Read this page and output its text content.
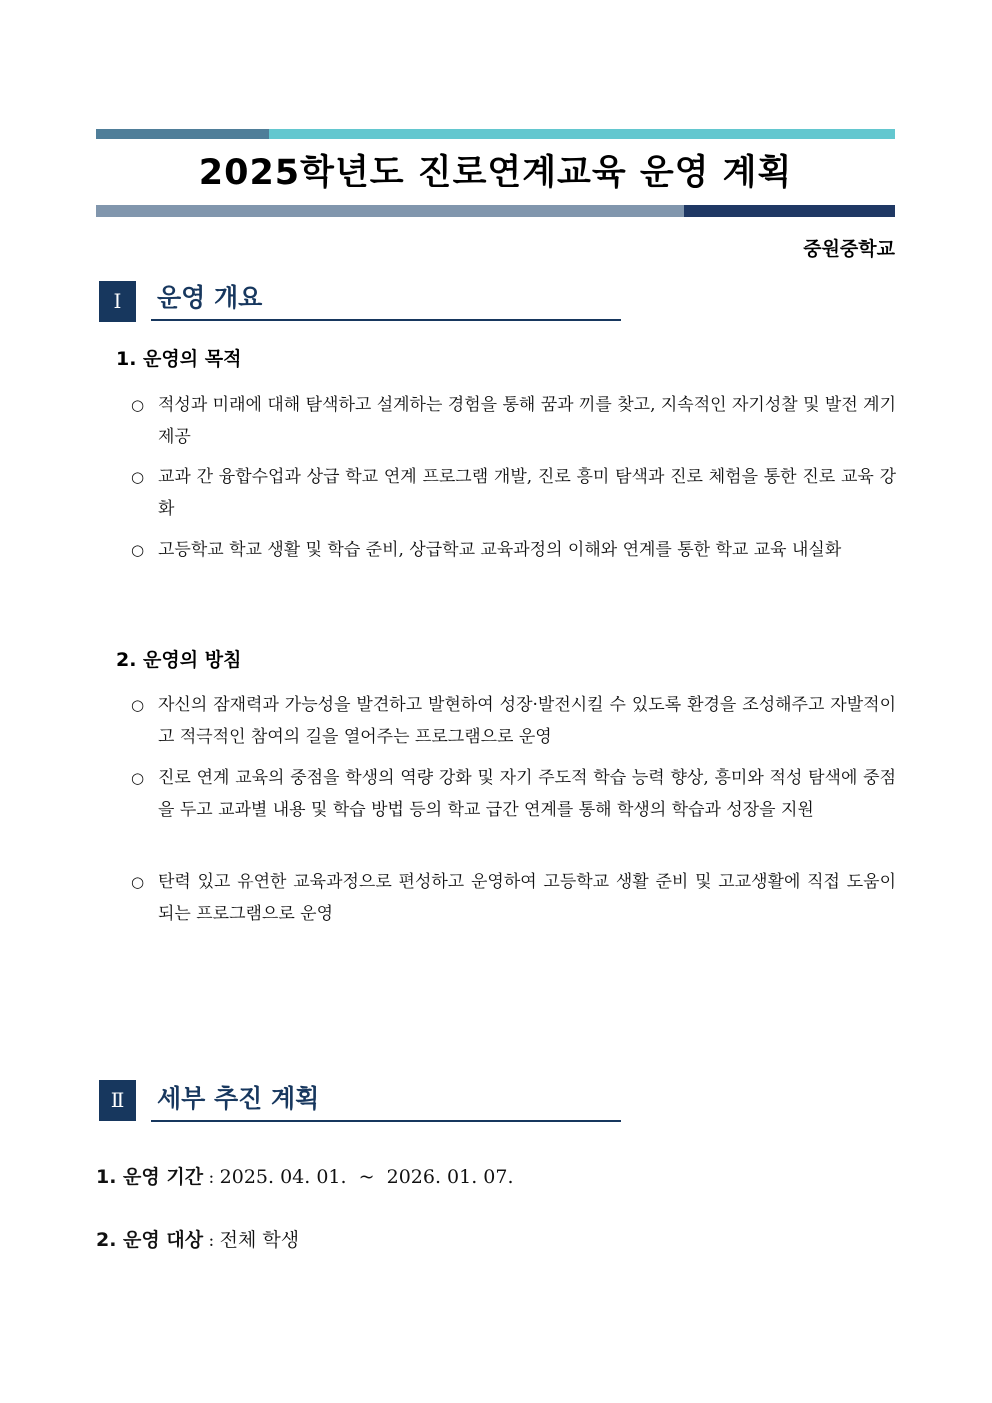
2025학년도 진로연계교육 운영 계획
중원중학교
Ⅰ	운영 개요
1. 운영의 목적
○ 적성과 미래에 대해 탐색하고 설계하는 경험을 통해 꿈과 끼를 찾고, 지속적인 자기성찰 및 발전 계기 제공
○ 교과 간 융합수업과 상급 학교 연계 프로그램 개발, 진로 흥미 탐색과 진로 체험을 통한 진로 교육 강화
○ 고등학교 학교 생활 및 학습 준비, 상급학교 교육과정의 이해와 연계를 통한 학교 교육 내실화
2. 운영의 방침
○ 자신의 잠재력과 가능성을 발견하고 발현하여 성장·발전시킬 수 있도록 환경을 조성해주고 자발적이고 적극적인 참여의 길을 열어주는 프로그램으로 운영
○ 진로 연계 교육의 중점을 학생의 역량 강화 및 자기 주도적 학습 능력 향상, 흥미와 적성 탐색에 중점을 두고 교과별 내용 및 학습 방법 등의 학교 급간 연계를 통해 학생의 학습과 성장을 지원
○ 탄력 있고 유연한 교육과정으로 편성하고 운영하여 고등학교 생활 준비 및 고교생활에 직접 도움이 되는 프로그램으로 운영
Ⅱ	세부 추진 계획
1. 운영 기간 : 2025. 04. 01.  ~  2026. 01. 07.
2. 운영 대상 : 전체 학생
